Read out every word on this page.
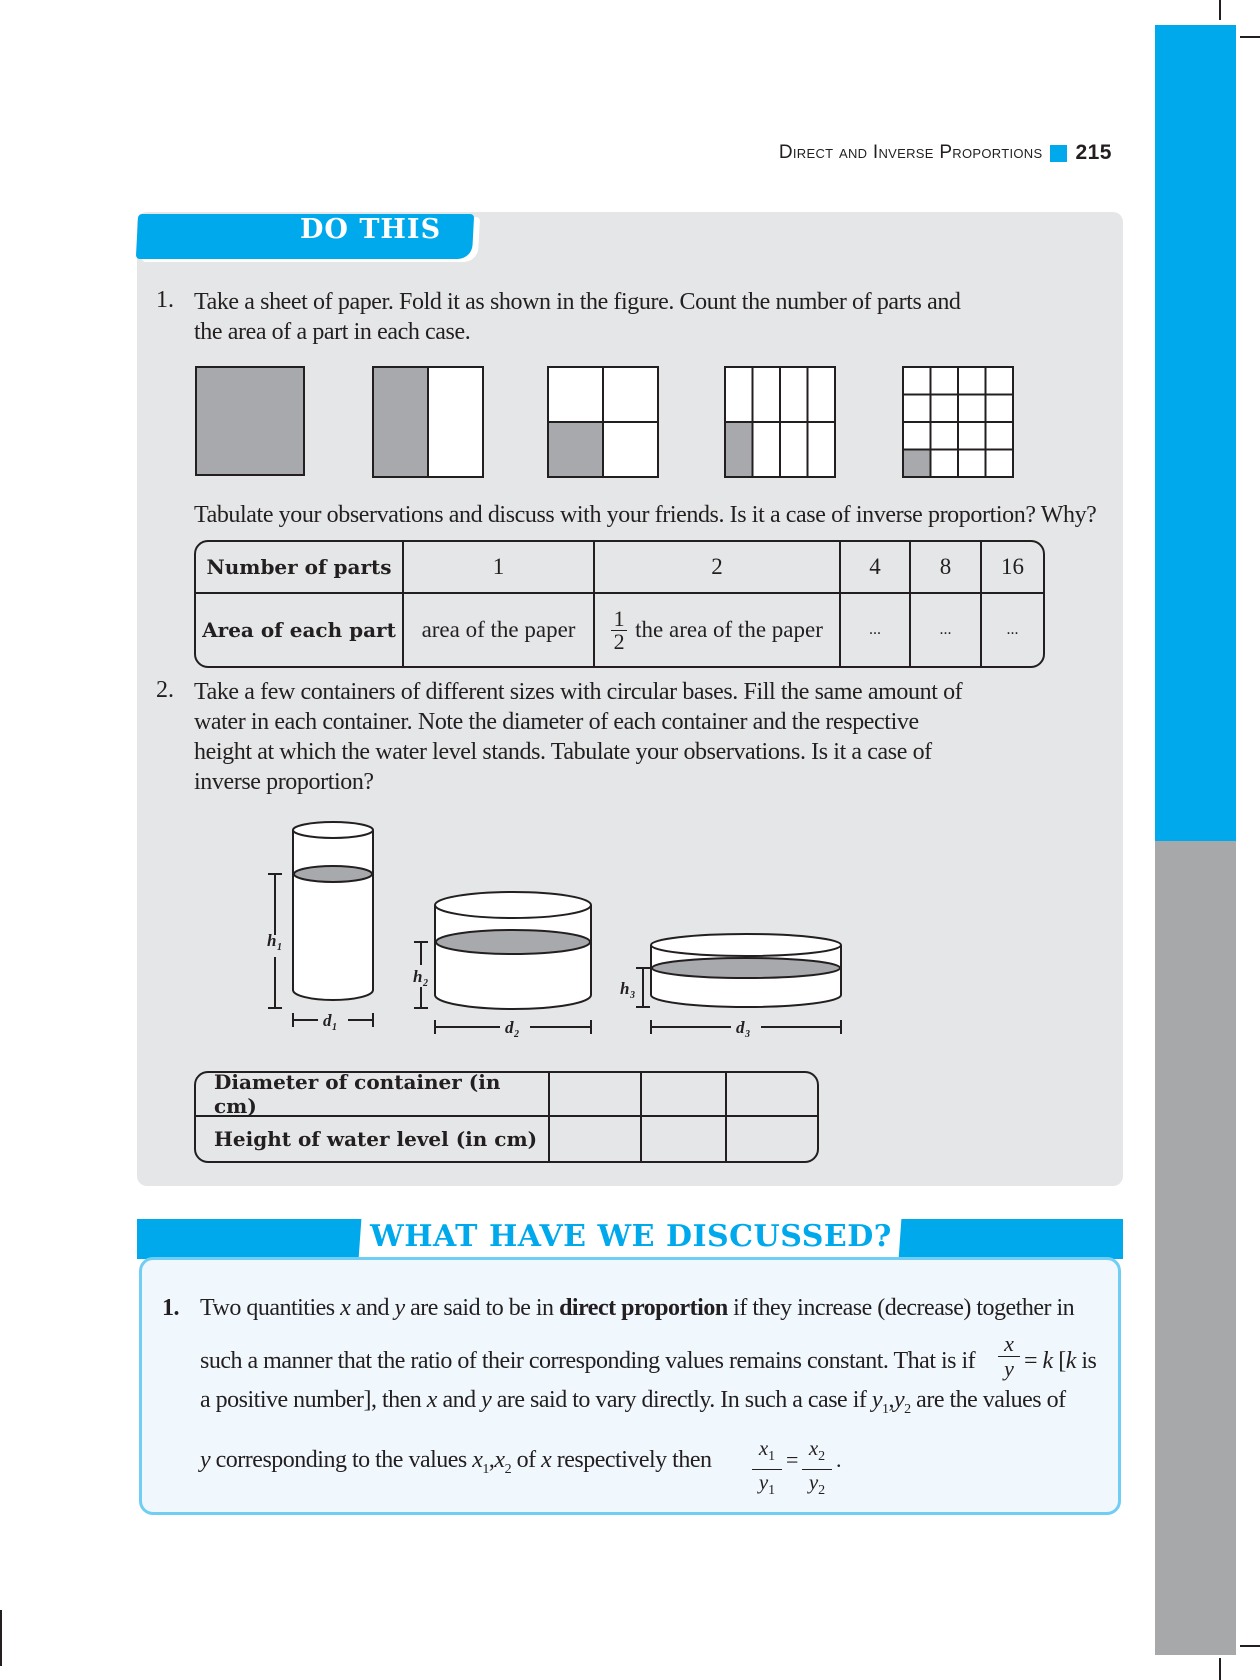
Direct and Inverse Proportions 215
DO THIS
1. Take a sheet of paper. Fold it as shown in the figure. Count the number of parts and
the area of a part in each case.
Tabulate your observations and discuss with your friends. Is it a case of inverse proportion? Why?
Number of parts	1	2	4	8	16
Area of each part	area of the paper	$\frac{1}{2}$ the area of the paper	...	...	...
2. Take a few containers of different sizes with circular bases. Fill the same amount of
water in each container. Note the diameter of each container and the respective
height at which the water level stands. Tabulate your observations. Is it a case of
inverse proportion?
h 1
d 1
h 2
d 2
h 3
d 3
Diameter of container (in cm)
Height of water level (in cm)
WHAT HAVE WE DISCUSSED?
1. Two quantities x and y are said to be in direct proportion if they increase (decrease) together in
such a manner that the ratio of their corresponding values remains constant. That is if
x
y = k [k is
a positive number], then x and y are said to vary directly. In such a case if $y_1,y_2$ are the values of
y corresponding to the values $x_1,x_2$ of x respectively then	$x_1$
$y_1$
= $x_2$
$y_2$
.
